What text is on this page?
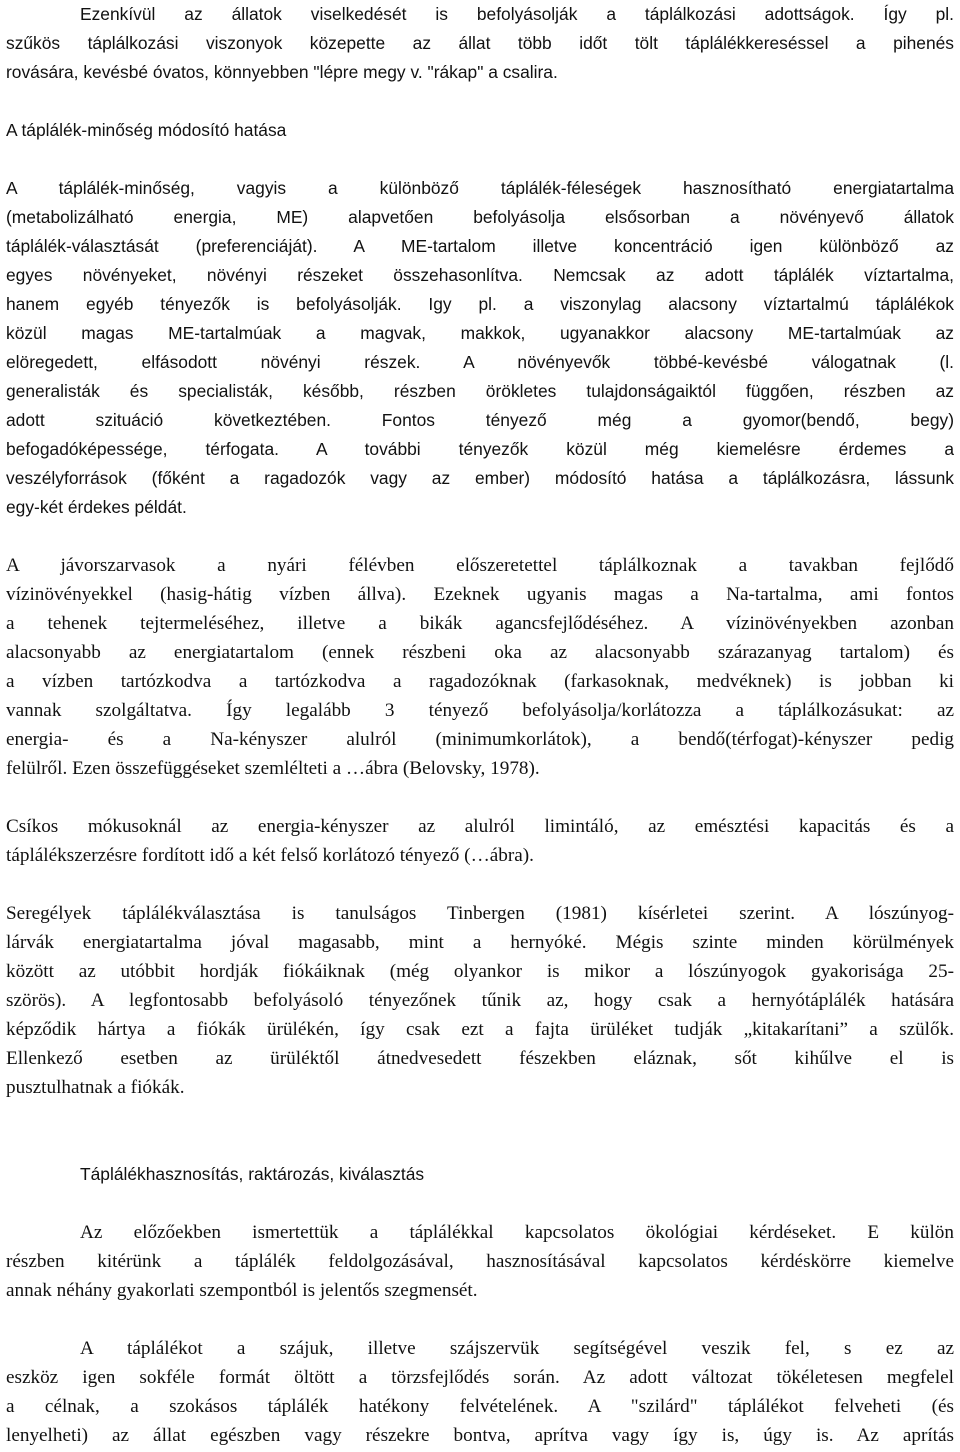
Ezenkívül az állatok viselkedését is befolyásolják a táplálkozási adottságok. Így pl.
szűkös táplálkozási viszonyok közepette az állat több időt tölt táplálékkereséssel a pihenés
rovására, kevésbé óvatos, könnyebben "lépre megy v. "rákap" a csalira.
A táplálék-minőség módosító hatása
A táplálék-minőség, vagyis a különböző táplálék-féleségek hasznosítható energiatartalma
(metabolizálható energia, ME) alapvetően befolyásolja elsősorban a növényevő állatok
táplálék-választását (preferenciáját). A ME-tartalom illetve koncentráció igen különböző az
egyes növényeket, növényi részeket összehasonlítva. Nemcsak az adott táplálék víztartalma,
hanem egyéb tényezők is befolyásolják. Igy pl. a viszonylag alacsony víztartalmú táplálékok
közül magas ME-tartalmúak a magvak, makkok, ugyanakkor alacsony ME-tartalmúak az
elöregedett, elfásodott növényi részek. A növényevők többé-kevésbé válogatnak (l.
generalisták és specialisták, később, részben örökletes tulajdonságaiktól függően, részben az
adott szituáció következtében. Fontos tényező még a gyomor(bendő, begy)
befogadóképessége, térfogata. A további tényezők közül még kiemelésre érdemes a
veszélyforrások (főként a ragadozók vagy az ember) módosító hatása a táplálkozásra, lássunk
egy-két érdekes példát.
A jávorszarvasok a nyári félévben előszeretettel táplálkoznak a tavakban fejlődő
vízinövényekkel (hasig-hátig vízben állva). Ezeknek ugyanis magas a Na-tartalma, ami fontos
a tehenek tejtermeléséhez, illetve a bikák agancsfejlődéséhez. A vízinövényekben azonban
alacsonyabb az energiatartalom (ennek részbeni oka az alacsonyabb szárazanyag tartalom) és
a vízben tartózkodva a tartózkodva a ragadozóknak (farkasoknak, medvéknek) is jobban ki
vannak szolgáltatva. Így legalább 3 tényező befolyásolja/korlátozza a táplálkozásukat: az
energia- és a Na-kényszer alulról (minimumkorlátok), a bendő(térfogat)-kényszer pedig
felülről. Ezen összefüggéseket szemlélteti a …ábra (Belovsky, 1978).
Csíkos mókusoknál az energia-kényszer az alulról limintáló, az emésztési kapacitás és a
táplálékszerzésre fordított idő a két felső korlátozó tényező (…ábra).
Seregélyek táplálékválasztása is tanulságos Tinbergen (1981) kísérletei szerint. A lószúnyog-
lárvák energiatartalma jóval magasabb, mint a hernyóké. Mégis szinte minden körülmények
között az utóbbit hordják fiókáiknak (még olyankor is mikor a lószúnyogok gyakorisága 25-
szörös). A legfontosabb befolyásoló tényezőnek tűnik az, hogy csak a hernyótáplálék hatására
képződik hártya a fiókák ürülékén, így csak ezt a fajta ürüléket tudják „kitakarítani” a szülők.
Ellenkező esetben az ürüléktől átnedvesedett fészekben eláznak, sőt kihűlve el is
pusztulhatnak a fiókák.
Táplálékhasznosítás, raktározás, kiválasztás
Az előzőekben ismertettük a táplálékkal kapcsolatos ökológiai kérdéseket. E külön
részben kitérünk a táplálék feldolgozásával, hasznosításával kapcsolatos kérdéskörre kiemelve
annak néhány gyakorlati szempontból is jelentős szegmensét.
A táplálékot a szájuk, illetve szájszervük segítségével veszik fel, s ez az
eszköz igen sokféle formát öltött a törzsfejlődés során. Az adott változat tökéletesen megfelel
a célnak, a szokásos táplálék hatékony felvételének. A "szilárd" táplálékot felveheti (és
lenyelheti) az állat egészben vagy részekre bontva, aprítva vagy így is, úgy is. Az aprítás
